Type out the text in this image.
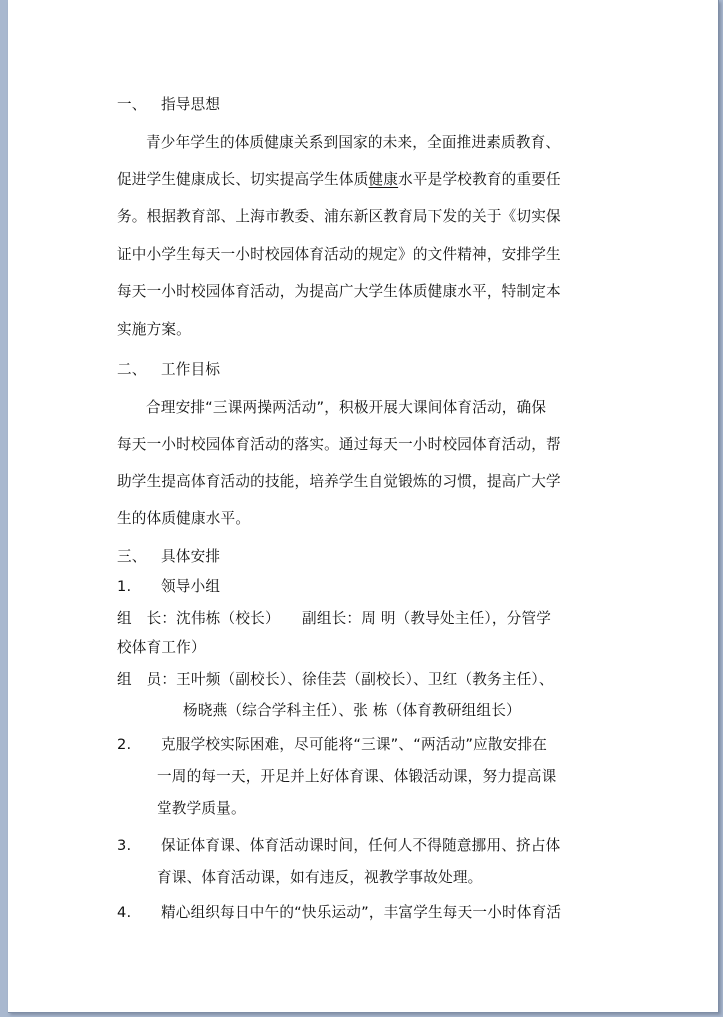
一、 指导思想
青少年学生的体质健康关系到国家的未来，全面推进素质教育、
促进学生健康成长、切实提高学生体质健康水平是学校教育的重要任
务。根据教育部、上海市教委、浦东新区教育局下发的关于《切实保
证中小学生每天一小时校园体育活动的规定》的文件精神，安排学生
每天一小时校园体育活动，为提高广大学生体质健康水平，特制定本
实施方案。
二、 工作目标
合理安排“三课两操两活动”，积极开展大课间体育活动，确保
每天一小时校园体育活动的落实。通过每天一小时校园体育活动，帮
助学生提高体育活动的技能，培养学生自觉锻炼的习惯，提高广大学
生的体质健康水平。
三、 具体安排
1. 领导小组
组　长：沈伟栋（校长）　　副组长：周 明（教导处主任），分管学
校体育工作）
组　员：王叶频（副校长）、徐佳芸（副校长）、卫红（教务主任）、
杨晓燕（综合学科主任）、张 栋（体育教研组组长）
2. 克服学校实际困难，尽可能将“三课”、“两活动”应散安排在
一周的每一天，开足并上好体育课、体锻活动课，努力提高课
堂教学质量。
3. 保证体育课、体育活动课时间，任何人不得随意挪用、挤占体
育课、体育活动课，如有违反，视教学事故处理。
4. 精心组织每日中午的“快乐运动”，丰富学生每天一小时体育活
